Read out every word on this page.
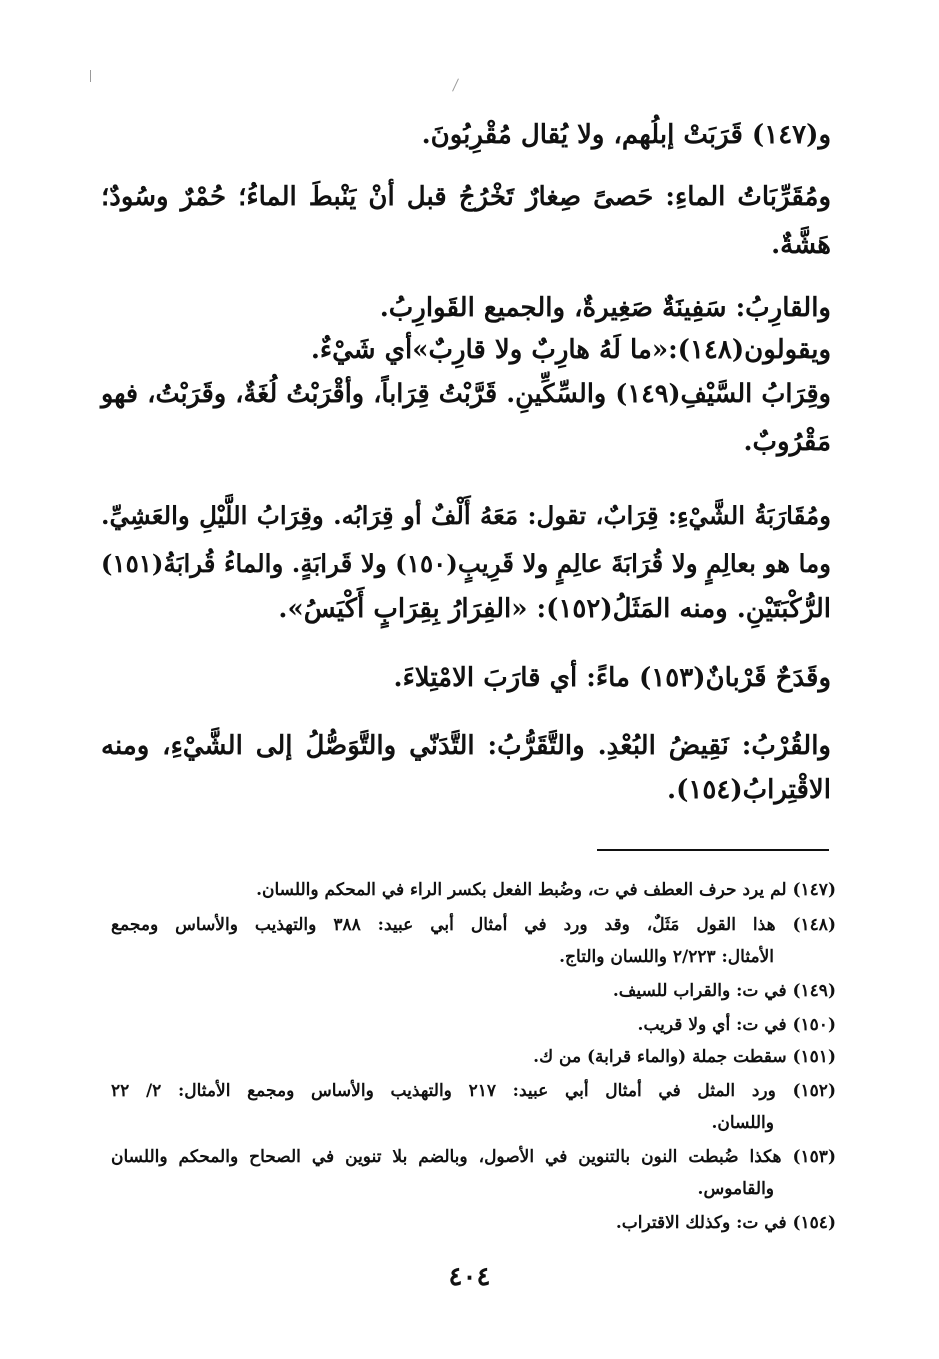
و(١٤٧) قَرَبَتْ إبلُهم، ولا يُقال مُقْرِبُونَ.
ومُقَرِّبَاتُ الماءِ: حَصىً صِغارٌ تَخْرُجُ قبل أنْ يَنْبطَ الماءُ؛ حُمْرٌ وسُودٌ؛
هَشَّةٌ.
والقارِبُ: سَفِينَةٌ صَغِيرةٌ، والجميع القَوارِبُ.
ويقولون(١٤٨):«ما لَهُ هارِبٌ ولا قارِبٌ»أي شَيْءٌ.
وقِرَابُ السَّيْفِ(١٤٩) والسِّكِّينِ. قَرَّبْتُ قِرَاباً، وأقْرَبْتُ لُغَةٌ، وقَرَبْتُ، فهو
مَقْرُوبٌ.
ومُقَارَبَةُ الشَّيْءِ: قِرَابٌ، تقول: مَعَهُ أَلْفٌ أو قِرَابُه. وقِرَابُ اللَّيْلِ والعَشِيِّ.
وما هو بعالِمٍ ولا قُرَابَةَ عالِمٍ ولا قَرِيبٍ(١٥٠) ولا قَرابَةٍ. والماءُ قُرابَةُ(١٥١)
الرُّكْبَتَيْنِ. ومنه المَثَلُ(١٥٢): «الفِرَارُ بِقِرَابٍ أَكْيَسُ».
وقَدَحٌ قَرْبانٌ(١٥٣) ماءً: أي قارَبَ الامْتِلاءَ.
والقُرْبُ: نَقِيضُ البُعْدِ. والتَّقَرُّبُ: التَّدَنّي والتَّوَصُّلُ إلى الشَّيْءِ، ومنه
الاقْتِرابُ(١٥٤).
(١٤٧) لم يرد حرف العطف في ت، وضُبط الفعل بكسر الراء في المحكم واللسان.
(١٤٨) هذا القول مَثَلٌ، وقد ورد في أمثال أبي عبيد: ٣٨٨ والتهذيب والأساس ومجمع
الأمثال: ٢/٢٢٣ واللسان والتاج.
(١٤٩) في ت: والقراب للسيف.
(١٥٠) في ت: أي ولا قريب.
(١٥١) سقطت جملة (والماء قرابة) من ك.
(١٥٢) ورد المثل في أمثال أبي عبيد: ٢١٧ والتهذيب والأساس ومجمع الأمثال: ٢/ ٢٢
واللسان.
(١٥٣) هكذا ضُبطت النون بالتنوين في الأصول، وبالضم بلا تنوين في الصحاح والمحكم واللسان
والقاموس.
(١٥٤) في ت: وكذلك الاقتراب.
٤٠٤
